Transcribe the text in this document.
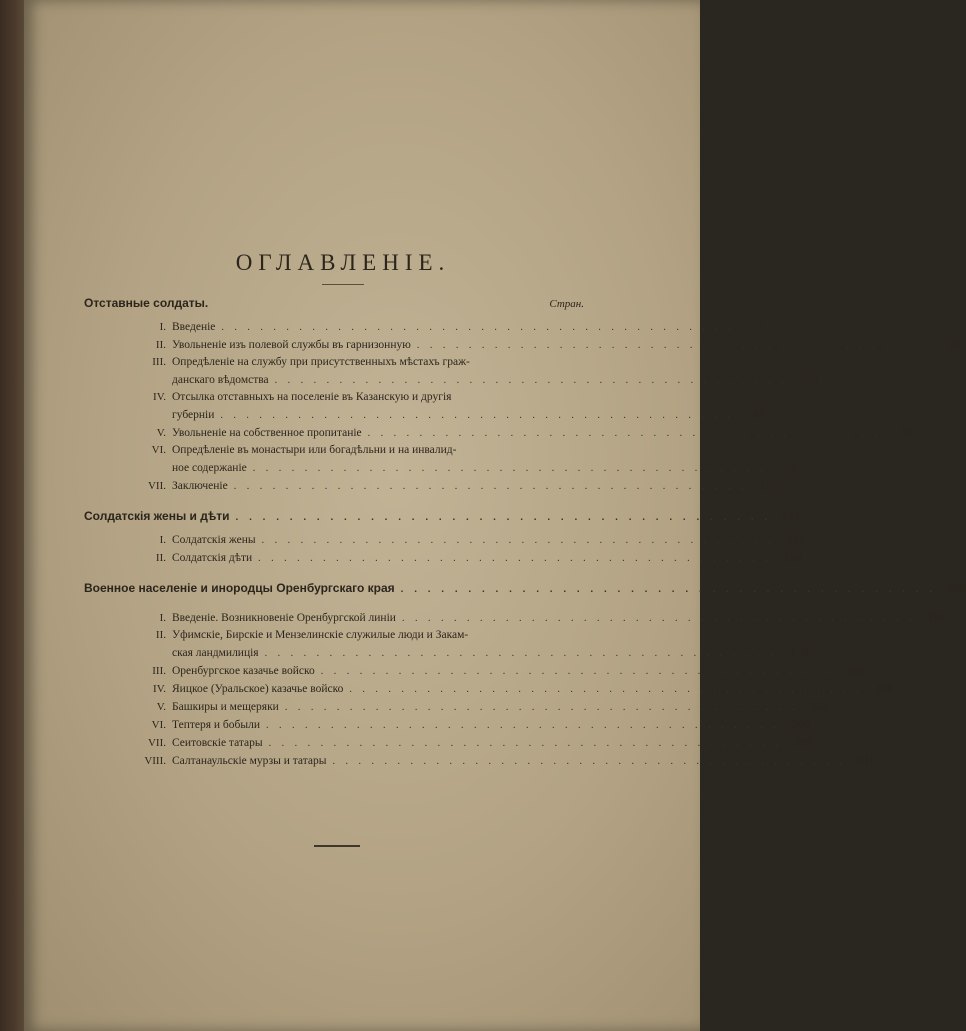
ОГЛАВЛЕНІЕ.
Отставные солдаты.	Стран.
I. Введеніе . . . . . . . . . . . . . . . . . . . . . . . . . . . . . . . . . . . . . . . .	1
II. Увольненіе изъ полевой службы въ гарнизонную . . . . . . . . . . . . . . . . . . . . . . . . . . . . . . . . . . . . . . . .	15
III. Опредѣленіе на службу при присутственныхъ мѣстахъ граж-
данскаго вѣдомства . . . . . . . . . . . . . . . . . . . . . . . . . . . . . . . . . . . . . . . .	20
IV. Отсылка отставныхъ на поселеніе въ Казанскую и другія
губерніи . . . . . . . . . . . . . . . . . . . . . . . . . . . . . . . . . . . . . . . .	34
V. Увольненіе на собственное пропитаніе . . . . . . . . . . . . . . . . . . . . . . . . . . . . . . . . . . . . . . . .	76
VI. Опредѣленіе въ монастыри или богадѣльни и на инвалид-
ное содержаніе . . . . . . . . . . . . . . . . . . . . . . . . . . . . . . . . . . . . . . . .	92
VII. Заключеніе . . . . . . . . . . . . . . . . . . . . . . . . . . . . . . . . . . . . . . . .	124
Солдатскія жены и дѣти . . . . . . . . . . . . . . . . . . . . . . . . . . . . . . . . . . . . . . . . 127
I. Солдатскія жены . . . . . . . . . . . . . . . . . . . . . . . . . . . . . . . . . . . . . . . .	127
II. Солдатскія дѣти . . . . . . . . . . . . . . . . . . . . . . . . . . . . . . . . . . . . . . . .	136
Военное населеніе и инородцы Оренбургскаго края . . . . . . . . . . . . . . . . . . . . . . . . . . . . . . . . . . . . . . . . 166
I. Введеніе. Возникновеніе Оренбургской линіи . . . . . . . . . . . . . . . . . . . . . . . . . . . . . . . . . . . . . . . .	166
II. Уфимскіе, Бирскіе и Мензелинскіе служилые люди и Закам-
ская ландмилиція . . . . . . . . . . . . . . . . . . . . . . . . . . . . . . . . . . . . . . . .	178
III. Оренбургское казачье войско . . . . . . . . . . . . . . . . . . . . . . . . . . . . . . . . . . . . . . . .	208
IV. Яицкое (Уральское) казачье войско . . . . . . . . . . . . . . . . . . . . . . . . . . . . . . . . . . . . . . . .	238
V. Башкиры и мещеряки . . . . . . . . . . . . . . . . . . . . . . . . . . . . . . . . . . . . . . . .	263
VI. Тептеря и бобыли . . . . . . . . . . . . . . . . . . . . . . . . . . . . . . . . . . . . . . . .	290
VII. Сеитовскіе татары . . . . . . . . . . . . . . . . . . . . . . . . . . . . . . . . . . . . . . . .	309
VIII. Салтанаульскіе мурзы и татары . . . . . . . . . . . . . . . . . . . . . . . . . . . . . . . . . . . . . . . .	315
